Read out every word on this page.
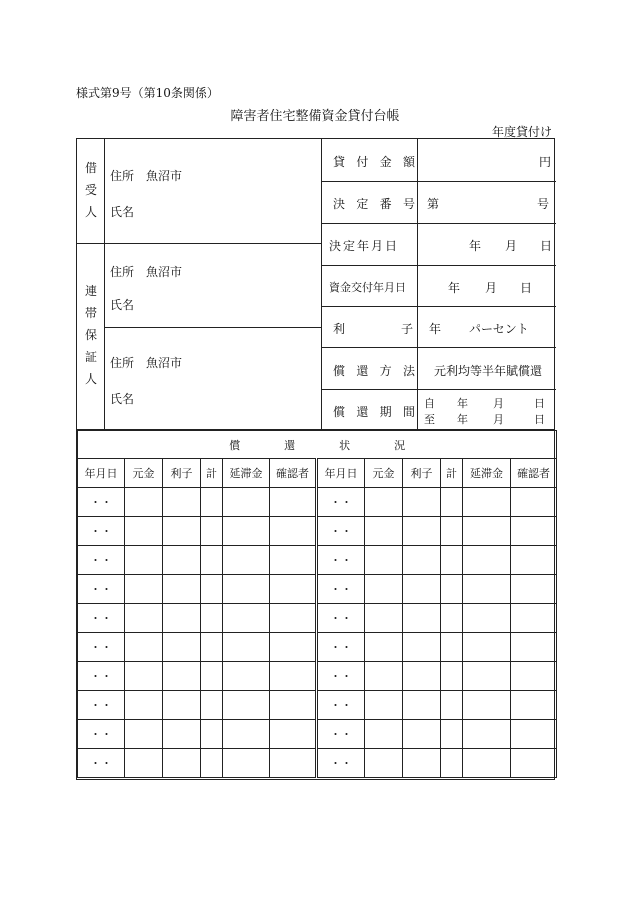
様式第9号（第10条関係）
障害者住宅整備資金貸付台帳
年度貸付け
借
受
人
住所　魚沼市
氏名
連
帯
保
証
人
住所　魚沼市
氏名
住所　魚沼市
氏名
貸 付 金 額	円
決 定 番 号 第	号
決定年月日	年 月 日
資金交付年月日	年 月 日
利	子 年 パーセント
償 還 方 法 元利均等半年賦償還
償 還 期 間
自 年 月	日
至 年 月	日
償 還 状 況											

年月日	元金	利子	計	延滞金	確認者	年月日	元金	利子	計	延滞金	確認者
・・						・・					
・・						・・					
・・						・・					
・・						・・					
・・						・・					
・・						・・					
・・						・・					
・・						・・					
・・						・・					
・・						・・					
